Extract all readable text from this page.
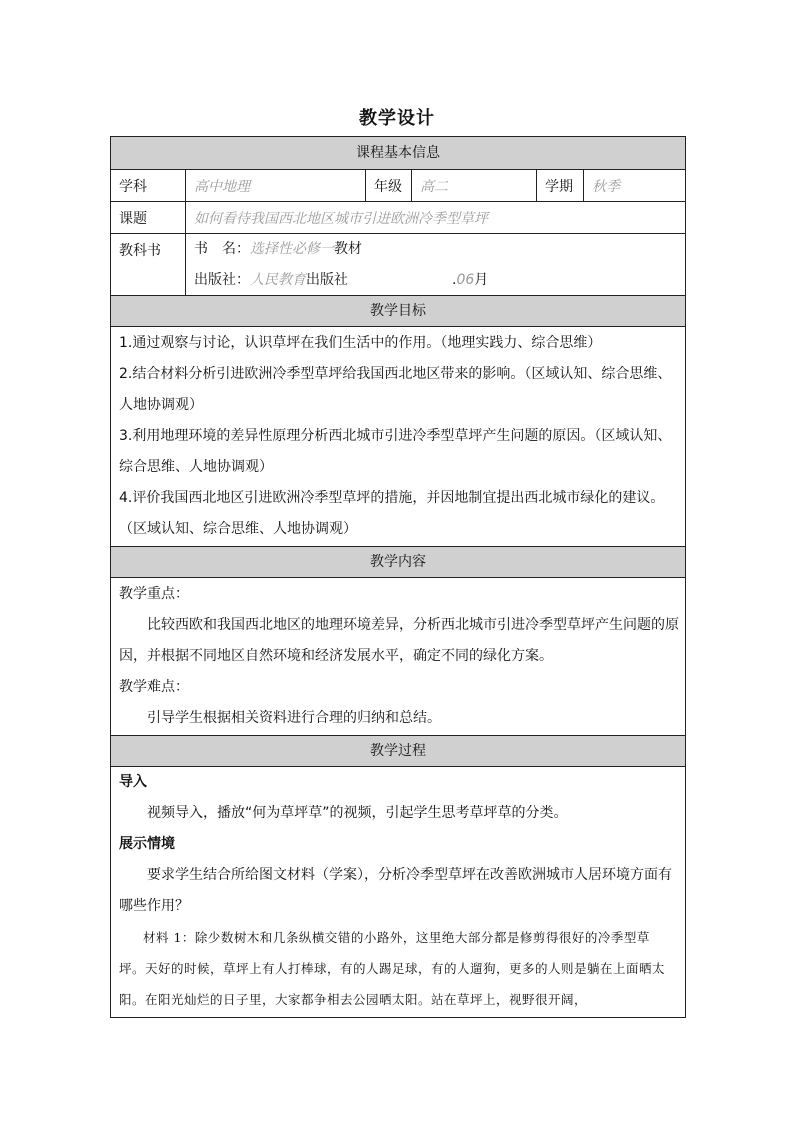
教学设计
课程基本信息
学科	高中地理	年级	高二	学期	秋季
课题	如何看待我国西北地区城市引进欧洲冷季型草坪
教科书	书　名：选择性必修一教材
出版社：人民教育出版社	.06月
教学目标
1.通过观察与讨论，认识草坪在我们生活中的作用。（地理实践力、综合思维）
2.结合材料分析引进欧洲冷季型草坪给我国西北地区带来的影响。（区域认知、综合思维、人地协调观）
3.利用地理环境的差异性原理分析西北城市引进冷季型草坪产生问题的原因。（区域认知、综合思维、人地协调观）
4.评价我国西北地区引进欧洲冷季型草坪的措施，并因地制宜提出西北城市绿化的建议。（区域认知、综合思维、人地协调观）
教学内容
教学重点：
比较西欧和我国西北地区的地理环境差异，分析西北城市引进冷季型草坪产生问题的原因，并根据不同地区自然环境和经济发展水平，确定不同的绿化方案。
教学难点：
引导学生根据相关资料进行合理的归纳和总结。
教学过程
导入
视频导入，播放“何为草坪草”的视频，引起学生思考草坪草的分类。
展示情境
要求学生结合所给图文材料（学案），分析冷季型草坪在改善欧洲城市人居环境方面有哪些作用？
材料 1：除少数树木和几条纵横交错的小路外，这里绝大部分都是修剪得很好的冷季型草坪。天好的时候，草坪上有人打棒球，有的人踢足球，有的人遛狗，更多的人则是躺在上面晒太阳。在阳光灿烂的日子里，大家都争相去公园晒太阳。站在草坪上，视野很开阔，
